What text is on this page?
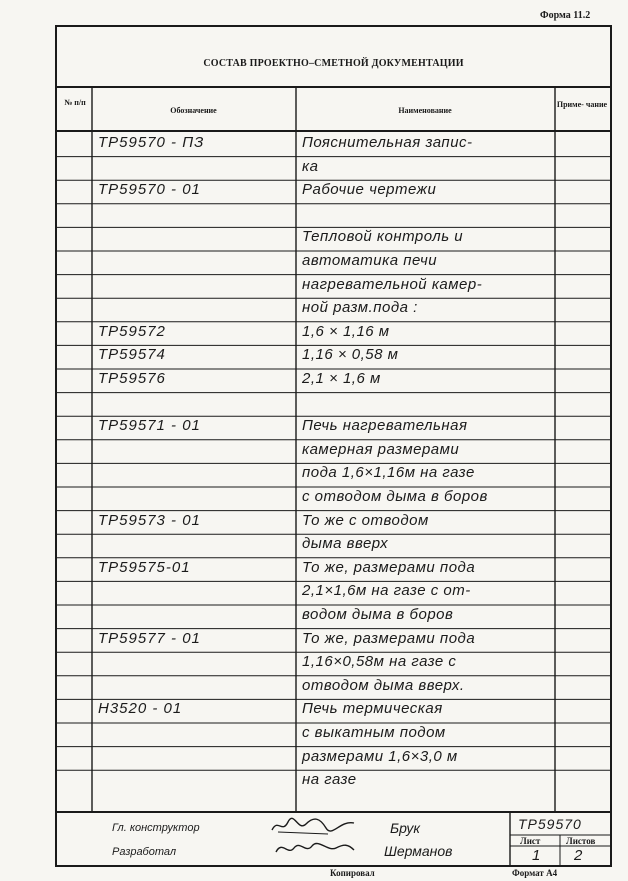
Форма 11.2
СОСТАВ ПРОЕКТНО–СМЕТНОЙ ДОКУМЕНТАЦИИ
№ п/п
Обозначение	Наименование
Приме- чание
ТР59570 - ПЗ	Пояснительная запис-
ка
ТР59570 - 01	Рабочие чертежи
Тепловой контроль и
автоматика печи
нагревательной камер-
ной разм.пода :
ТР59572	1,6 × 1,16 м
ТР59574	1,16 × 0,58 м
ТР59576	2,1 × 1,6 м
ТР59571 - 01	Печь нагревательная
камерная размерами
пода 1,6×1,16м на газе
с отводом дыма в боров
ТР59573 - 01	То же с отводом
дыма вверх
ТР59575-01	То же, размерами пода
2,1×1,6м на газе с от-
водом дыма в боров
ТР59577 - 01	То же, размерами пода
1,16×0,58м на газе с
отводом дыма вверх.
Н3520 - 01	Печь термическая
с выкатным подом
размерами 1,6×3,0 м
на газе
Гл. конструктор
Разработал
Брук
Шерманов
ТР59570
Лист	Листов
1 2
Копировал	Формат А4
